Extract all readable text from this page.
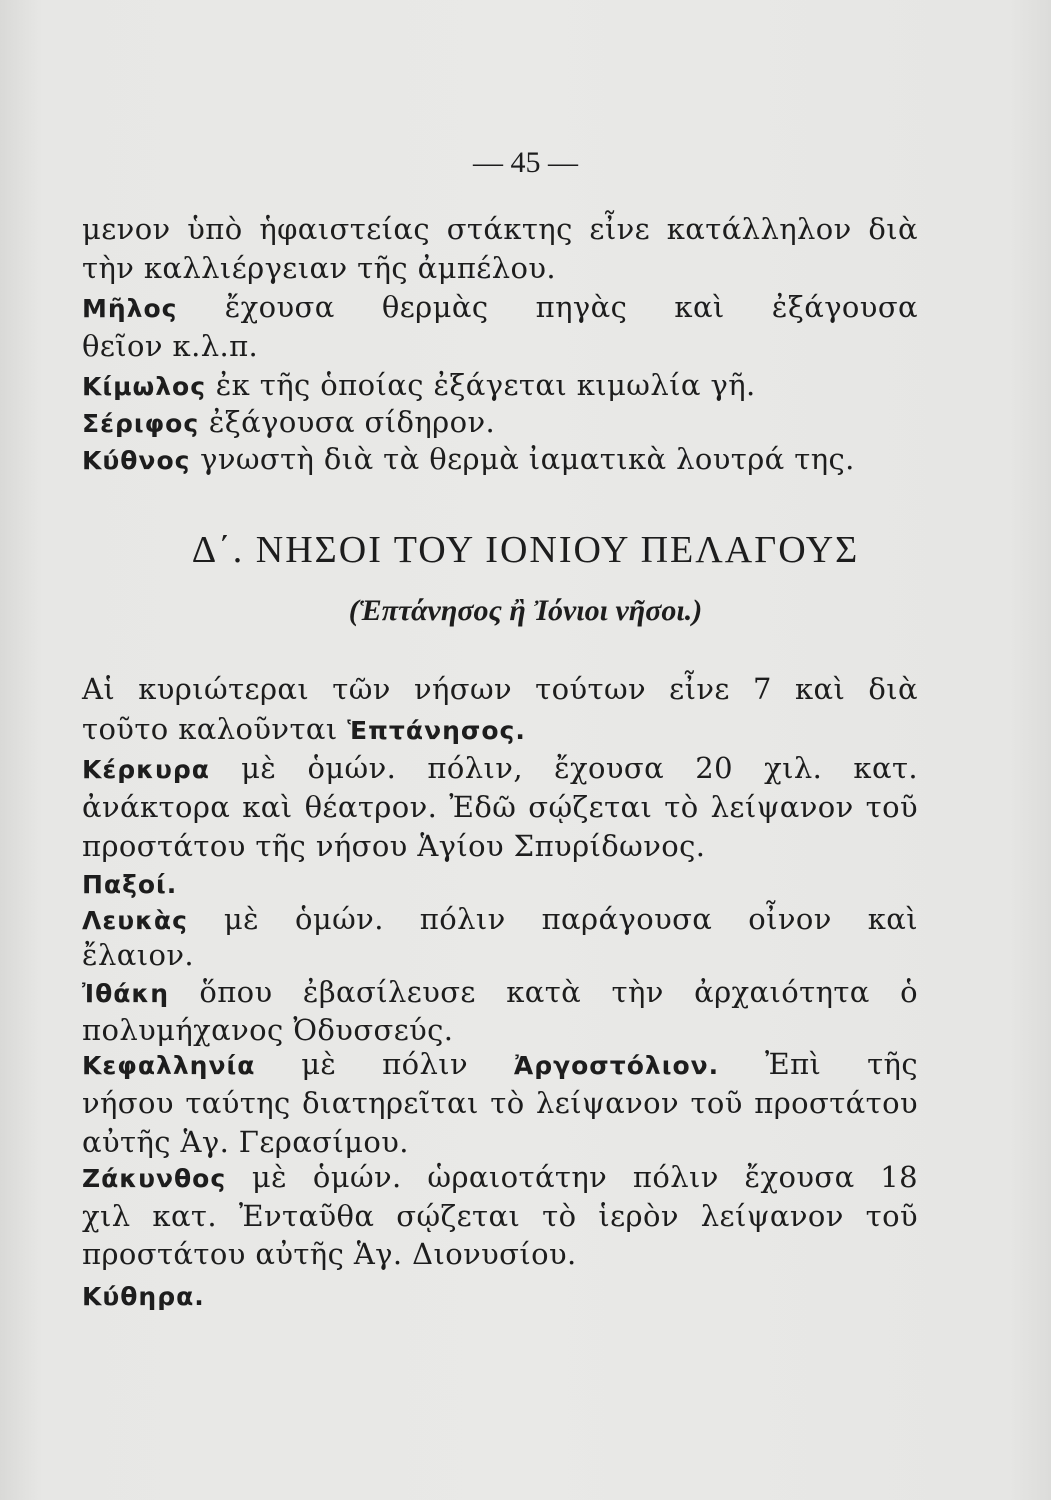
— 45 —
μενον ὑπὸ ἡφαιστείας στάκτης εἶνε κατάλληλον διὰ
τὴν καλλιέργειαν τῆς ἀμπέλου.
Μῆλος ἔχουσα θερμὰς πηγὰς καὶ ἐξάγουσα
θεῖον κ.λ.π.
Κίμωλος ἐκ τῆς ὁποίας ἐξάγεται κιμωλία γῆ.
Σέριφος ἐξάγουσα σίδηρον.
Κύθνος γνωστὴ διὰ τὰ θερμὰ ἰαματικὰ λουτρά της.
Δ΄. ΝΗΣΟΙ ΤΟΥ ΙΟΝΙΟΥ ΠΕΛΑΓΟΥΣ
(Ἑπτάνησος ἢ Ἰόνιοι νῆσοι.)
Αἱ κυριώτεραι τῶν νήσων τούτων εἶνε 7 καὶ διὰ
τοῦτο καλοῦνται Ἑπτάνησος.
Κέρκυρα μὲ ὁμών. πόλιν, ἔχουσα 20 χιλ. κατ.
ἀνάκτορα καὶ θέατρον. Ἐδῶ σῴζεται τὸ λείψανον τοῦ
προστάτου τῆς νήσου Ἁγίου Σπυρίδωνος.
Παξοί.
Λευκὰς μὲ ὁμών. πόλιν παράγουσα οἶνον καὶ
ἔλαιον.
Ἰθάκη ὅπου ἐβασίλευσε κατὰ τὴν ἀρχαιότητα ὁ
πολυμήχανος Ὀδυσσεύς.
Κεφαλληνία μὲ πόλιν Ἀργοστόλιον. Ἐπὶ τῆς
νήσου ταύτης διατηρεῖται τὸ λείψανον τοῦ προστάτου
αὐτῆς Ἁγ. Γερασίμου.
Ζάκυνθος μὲ ὁμών. ὡραιοτάτην πόλιν ἔχουσα 18
χιλ κατ. Ἐνταῦθα σῴζεται τὸ ἱερὸν λείψανον τοῦ
προστάτου αὐτῆς Ἁγ. Διονυσίου.
Κύθηρα.
